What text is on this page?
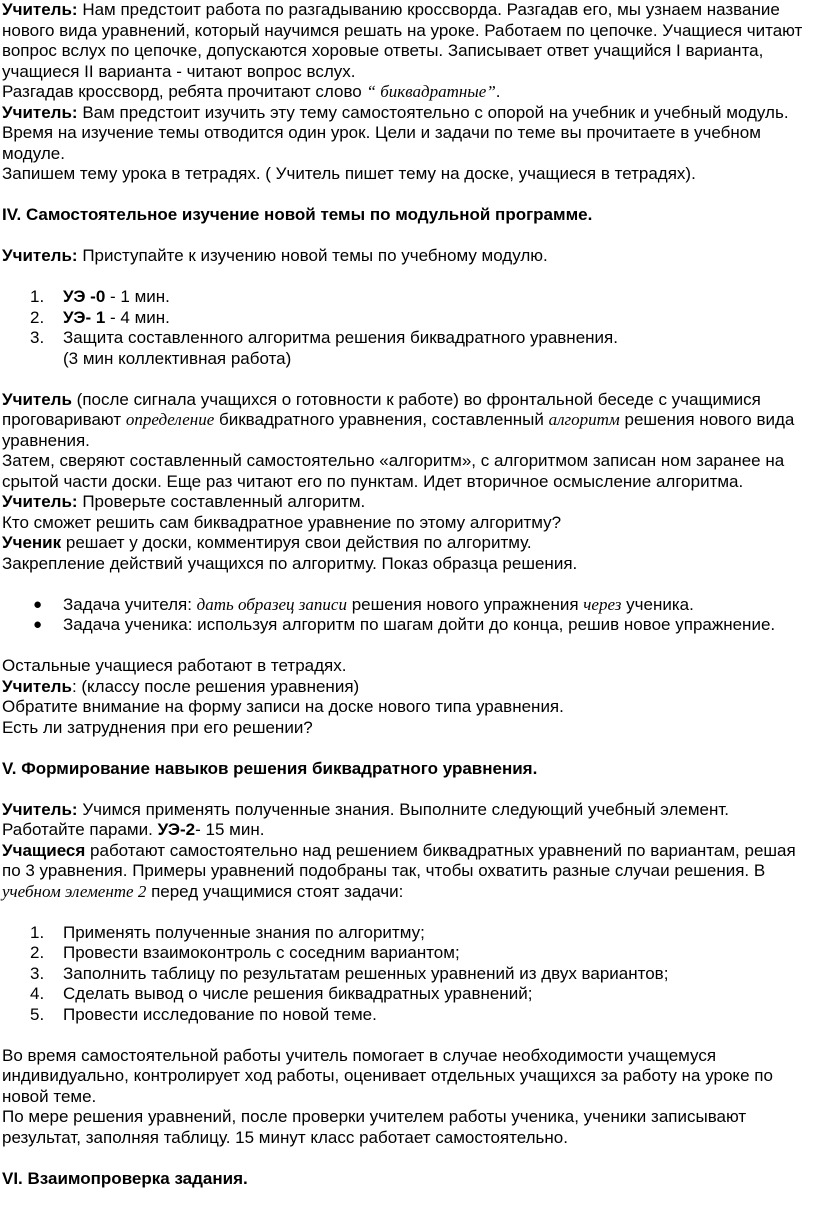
Учитель: Нам предстоит работа по разгадыванию кроссворда. Разгадав его, мы узнаем название нового вида уравнений, который научимся решать на уроке. Работаем по цепочке. Учащиеся читают вопрос вслух по цепочке, допускаются хоровые ответы. Записывает ответ учащийся I варианта, учащиеся II варианта - читают вопрос вслух.

Разгадав кроссворд, ребята прочитают слово “ биквадратные”.

Учитель: Вам предстоит изучить эту тему самостоятельно с опорой на учебник и учебный модуль. Время на изучение темы отводится один урок. Цели и задачи по теме вы прочитаете в учебном модуле.

Запишем тему урока в тетрадях. ( Учитель пишет тему на доске, учащиеся в тетрадях).

IV. Самостоятельное изучение новой темы по модульной программе.

Учитель: Приступайте к изучению новой темы по учебному модулю.

1.	УЭ -0 - 1 мин.
2.	УЭ- 1 - 4 мин.
3.	Защита составленного алгоритма решения биквадратного уравнения.
(3 мин коллективная работа)

Учитель (после сигнала учащихся о готовности к работе) во фронтальной беседе с учащимися проговаривают определение биквадратного уравнения, составленный алгоритм решения нового вида уравнения.

Затем, сверяют составленный самостоятельно «алгоритм», с алгоритмом записан ном заранее на срытой части доски. Еще раз читают его по пунктам. Идет вторичное осмысление алгоритма.

Учитель: Проверьте составленный алгоритм.

Кто сможет решить сам биквадратное уравнение по этому алгоритму?

Ученик решает у доски, комментируя свои действия по алгоритму.

Закрепление действий учащихся по алгоритму. Показ образца решения.

● Задача учителя: дать образец записи решения нового упражнения через ученика.
● Задача ученика: используя алгоритм по шагам дойти до конца, решив новое упражнение.

Остальные учащиеся работают в тетрадях.

Учитель: (классу после решения уравнения)

Обратите внимание на форму записи на доске нового типа уравнения.

Есть ли затруднения при его решении?

V. Формирование навыков решения биквадратного уравнения.

Учитель: Учимся применять полученные знания. Выполните следующий учебный элемент. Работайте парами. УЭ-2- 15 мин.

Учащиеся работают самостоятельно над решением биквадратных уравнений по вариантам, решая по 3 уравнения. Примеры уравнений подобраны так, чтобы охватить разные случаи решения. В учебном элементе 2 перед учащимися стоят задачи:

1.	Применять полученные знания по алгоритму;
2.	Провести взаимоконтроль с соседним вариантом;
3.	Заполнить таблицу по результатам решенных уравнений из двух вариантов;
4.	Сделать вывод о числе решения биквадратных уравнений;
5.	Провести исследование по новой теме.

Во время самостоятельной работы учитель помогает в случае необходимости учащемуся индивидуально, контролирует ход работы, оценивает отдельных учащихся за работу на уроке по новой теме.

По мере решения уравнений, после проверки учителем работы ученика, ученики записывают результат, заполняя таблицу. 15 минут класс работает самостоятельно.

VI. Взаимопроверка задания.
